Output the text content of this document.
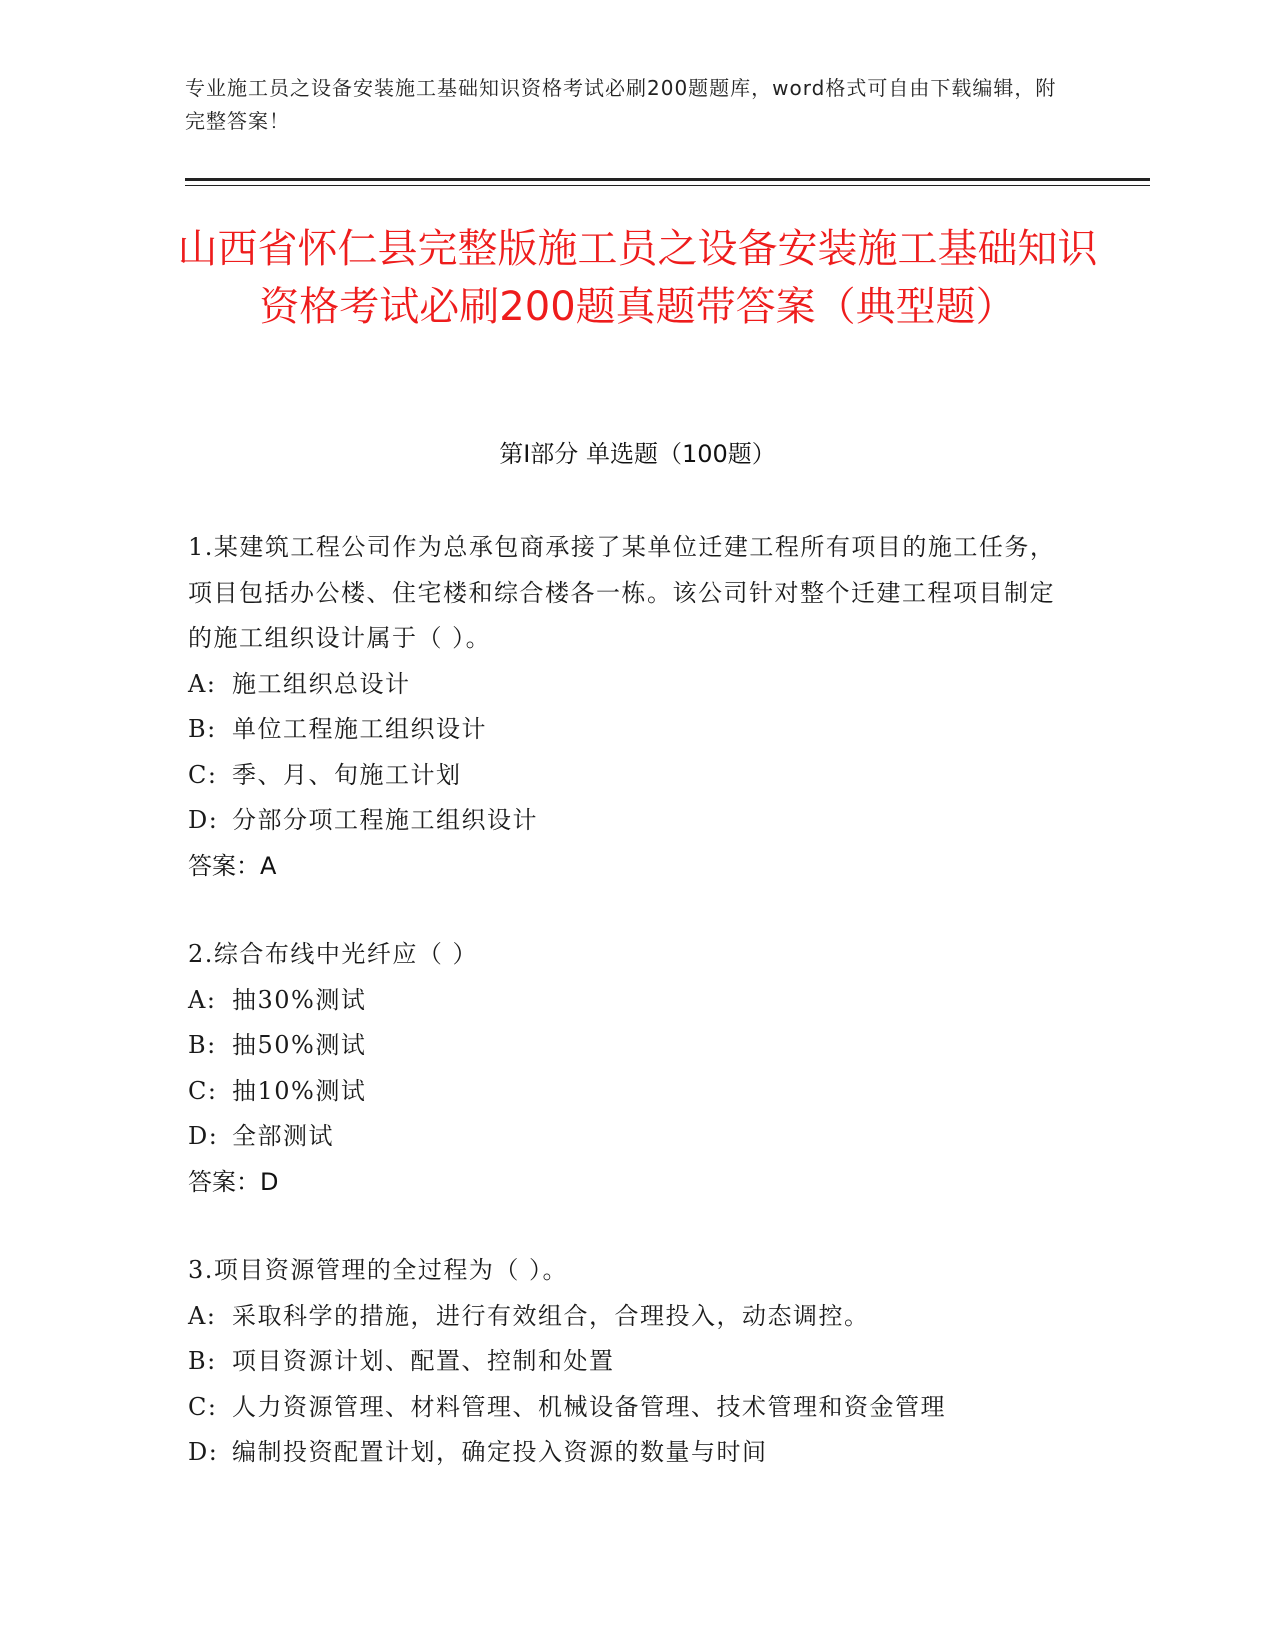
专业施工员之设备安装施工基础知识资格考试必刷200题题库，word格式可自由下载编辑，附完整答案！
山西省怀仁县完整版施工员之设备安装施工基础知识资格考试必刷200题真题带答案（典型题）
第I部分 单选题（100题）
1.某建筑工程公司作为总承包商承接了某单位迁建工程所有项目的施工任务，项目包括办公楼、住宅楼和综合楼各一栋。该公司针对整个迁建工程项目制定的施工组织设计属于（ ）。
A: 施工组织总设计
B: 单位工程施工组织设计
C: 季、月、旬施工计划
D: 分部分项工程施工组织设计
答案：A
2.综合布线中光纤应（ ）
A: 抽30%测试
B: 抽50%测试
C: 抽10%测试
D: 全部测试
答案：D
3.项目资源管理的全过程为（ ）。
A: 采取科学的措施，进行有效组合，合理投入，动态调控。
B: 项目资源计划、配置、控制和处置
C: 人力资源管理、材料管理、机械设备管理、技术管理和资金管理
D: 编制投资配置计划，确定投入资源的数量与时间
